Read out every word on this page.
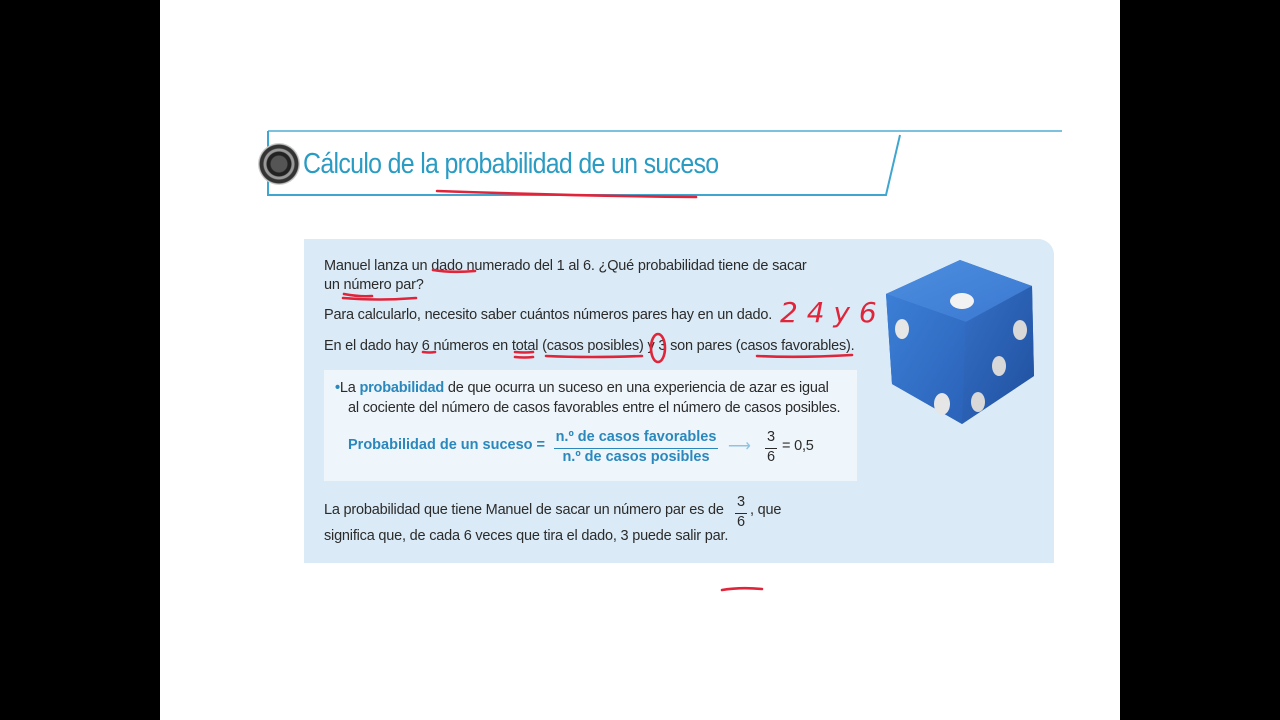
Cálculo de la probabilidad de un suceso
Manuel lanza un dado numerado del 1 al 6. ¿Qué probabilidad tiene de sacar
un número par?
Para calcularlo, necesito saber cuántos números pares hay en un dado.
En el dado hay 6 números en total (casos posibles) y 3 son pares (casos favorables).
•La probabilidad de que ocurra un suceso en una experiencia de azar es igual
al cociente del número de casos favorables entre el número de casos posibles.
Probabilidad de un suceso = n.º de casos favorables
n.º de casos posibles
⟶
3
6
= 0,5
La probabilidad que tiene Manuel de sacar un número par es de 3
6
, que
significa que, de cada 6 veces que tira el dado, 3 puede salir par.
2 4 y 6
